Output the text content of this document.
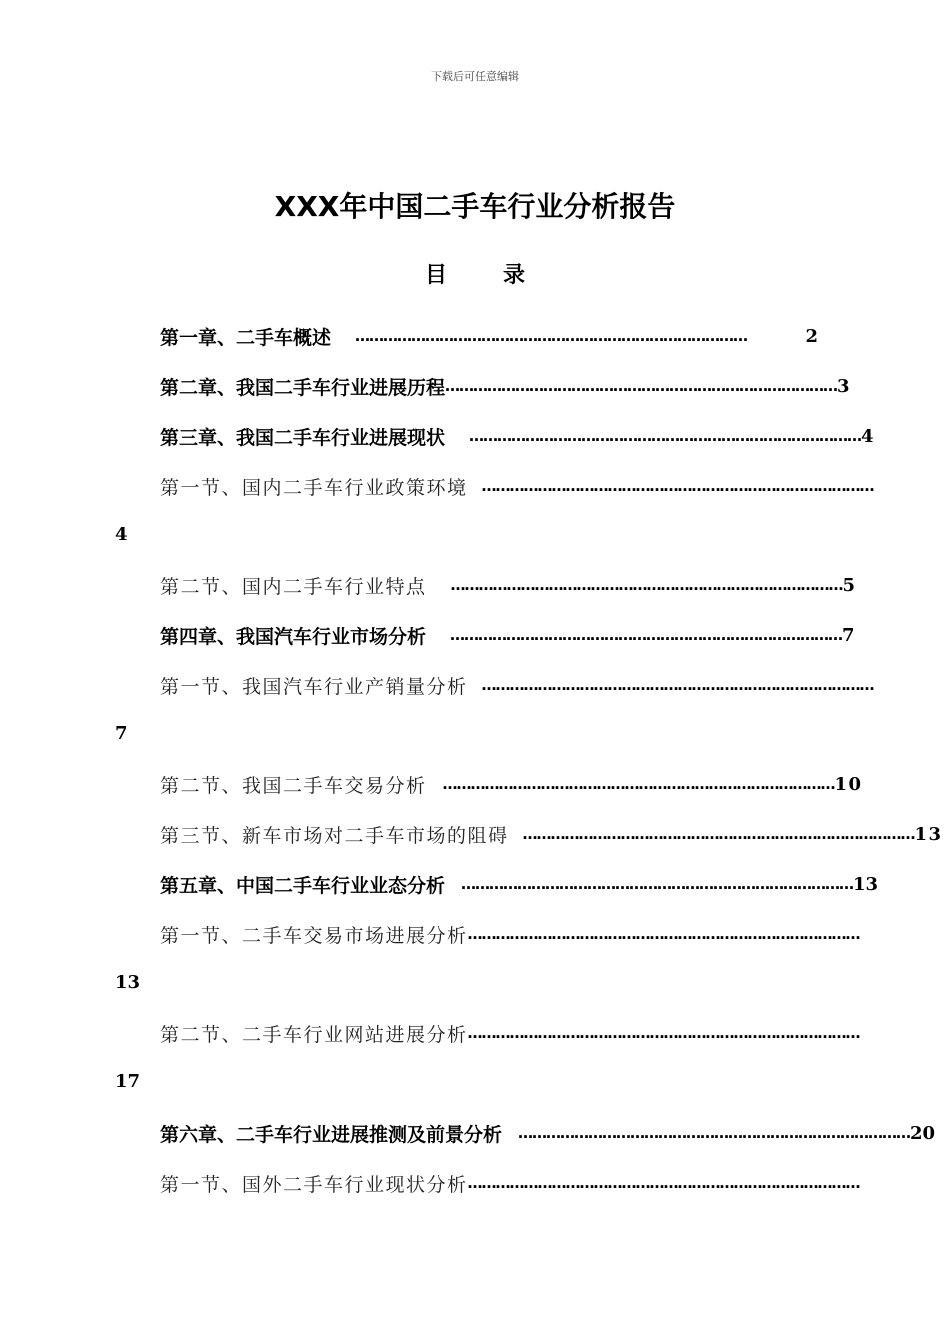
下载后可任意编辑
XXX年中国二手车行业分析报告
目	录
第一章、二手车概述 …………………………………………………………………………	2
第二章、我国二手车行业进展历程 ………………………………………………………………………… 3
第三章、我国二手车行业进展现状 ………………………………………………………………………… 4
第一节、国内二手车行业政策环境 …………………………………………………………………………
4
第二节、国内二手车行业特点 ………………………………………………………………………… 5
第四章、我国汽车行业市场分析 ………………………………………………………………………… 7
第一节、我国汽车行业产销量分析 …………………………………………………………………………
7
第二节、我国二手车交易分析 ………………………………………………………………………… 10
第三节、新车市场对二手车市场的阻碍 ………………………………………………………………………… 13
第五章、中国二手车行业业态分析 ………………………………………………………………………… 13
第一节、二手车交易市场进展分析 …………………………………………………………………………
13
第二节、二手车行业网站进展分析 …………………………………………………………………………
17
第六章、二手车行业进展推测及前景分析 ………………………………………………………………………… 20
第一节、国外二手车行业现状分析 …………………………………………………………………………
